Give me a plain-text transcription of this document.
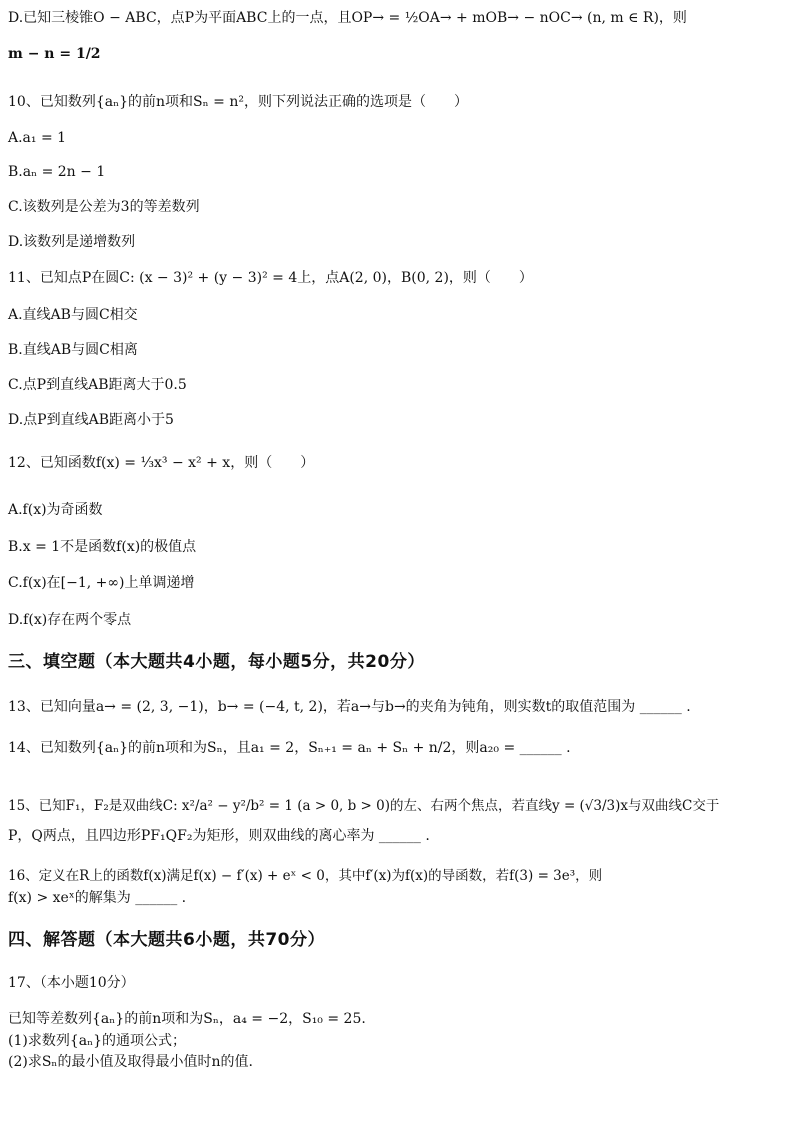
D.已知三棱锥O − ABC，点P为平面ABC上的一点，且OP→ = ½OA→ + mOB→ − nOC→ (n, m ∈ R)，则
m − n = 1/2
10、已知数列{aₙ}的前n项和Sₙ = n²，则下列说法正确的选项是（　　）
A.a₁ = 1
B.aₙ = 2n − 1
C.该数列是公差为3的等差数列
D.该数列是递增数列
11、已知点P在圆C: (x − 3)² + (y − 3)² = 4上，点A(2, 0)，B(0, 2)，则（　　）
A.直线AB与圆C相交
B.直线AB与圆C相离
C.点P到直线AB距离大于0.5
D.点P到直线AB距离小于5
12、已知函数f(x) = ⅓x³ − x² + x，则（　　）
A.f(x)为奇函数
B.x = 1不是函数f(x)的极值点
C.f(x)在[−1, +∞)上单调递增
D.f(x)存在两个零点
三、填空题（本大题共4小题，每小题5分，共20分）
13、已知向量a→ = (2, 3, −1)，b→ = (−4, t, 2)，若a→与b→的夹角为钝角，则实数t的取值范围为 ______ .
14、已知数列{aₙ}的前n项和为Sₙ，且a₁ = 2，Sₙ₊₁ = aₙ + Sₙ + n/2，则a₂₀ = ______ .
15、已知F₁，F₂是双曲线C: x²/a² − y²/b² = 1 (a > 0, b > 0)的左、右两个焦点，若直线y = (√3/3)x与双曲线C交于
P，Q两点，且四边形PF₁QF₂为矩形，则双曲线的离心率为 ______ .
16、定义在R上的函数f(x)满足f(x) − f′(x) + eˣ < 0，其中f′(x)为f(x)的导函数，若f(3) = 3e³，则
f(x) > xeˣ的解集为 ______ .
四、解答题（本大题共6小题，共70分）
17、（本小题10分）
已知等差数列{aₙ}的前n项和为Sₙ，a₄ = −2，S₁₀ = 25.
(1)求数列{aₙ}的通项公式；
(2)求Sₙ的最小值及取得最小值时n的值.
